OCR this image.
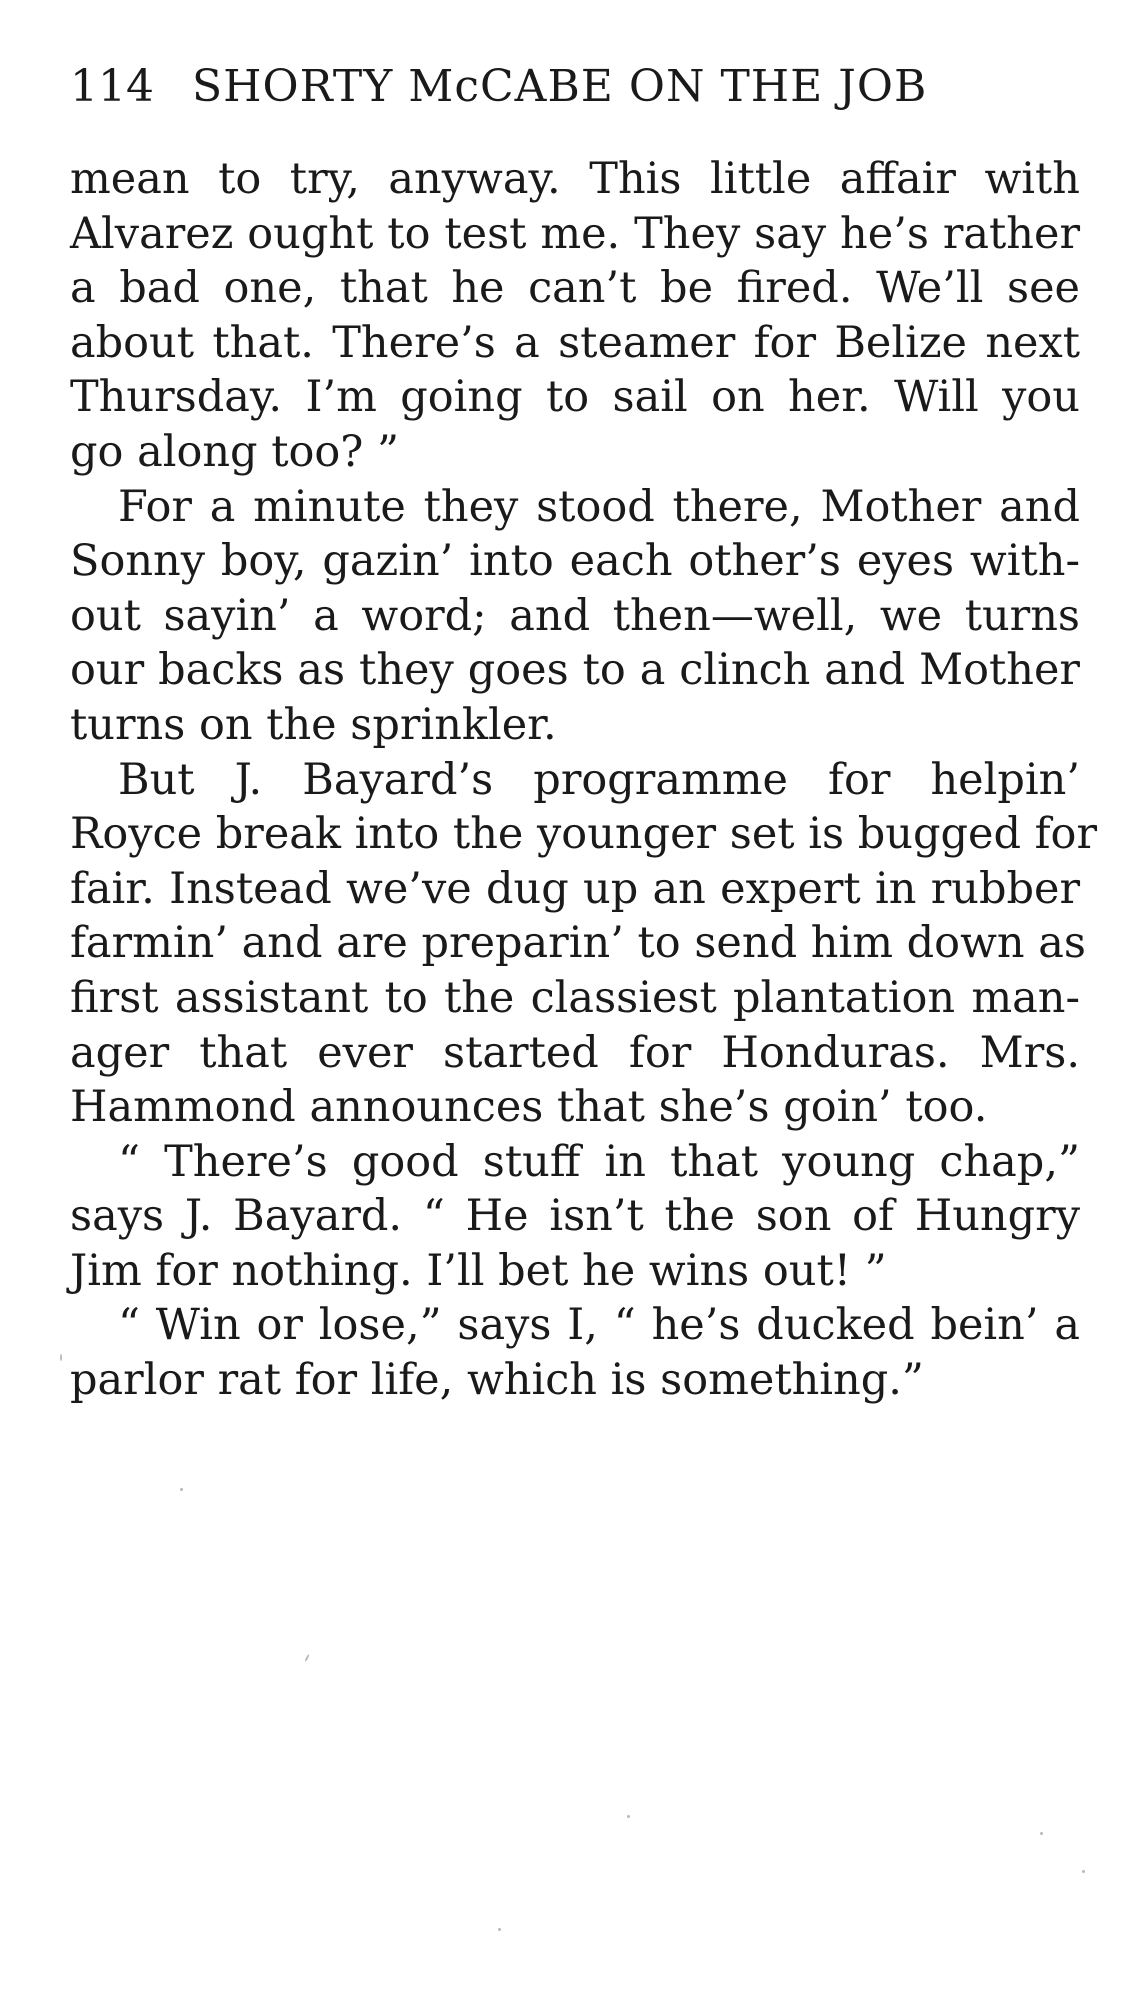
114 SHORTY McCABE ON THE JOB
mean to try, anyway. This little affair with
Alvarez ought to test me. They say he’s rather
a bad one, that he can’t be fired. We’ll see
about that. There’s a steamer for Belize next
Thursday. I’m going to sail on her. Will you
go along too? ”
For a minute they stood there, Mother and
Sonny boy, gazin’ into each other’s eyes with-
out sayin’ a word; and then—well, we turns
our backs as they goes to a clinch and Mother
turns on the sprinkler.
But J. Bayard’s programme for helpin’
Royce break into the younger set is bugged for
fair. Instead we’ve dug up an expert in rubber
farmin’ and are preparin’ to send him down as
first assistant to the classiest plantation man-
ager that ever started for Honduras. Mrs.
Hammond announces that she’s goin’ too.
“ There’s good stuff in that young chap,”
says J. Bayard. “ He isn’t the son of Hungry
Jim for nothing. I’ll bet he wins out! ”
“ Win or lose,” says I, “ he’s ducked bein’ a
parlor rat for life, which is something.”
